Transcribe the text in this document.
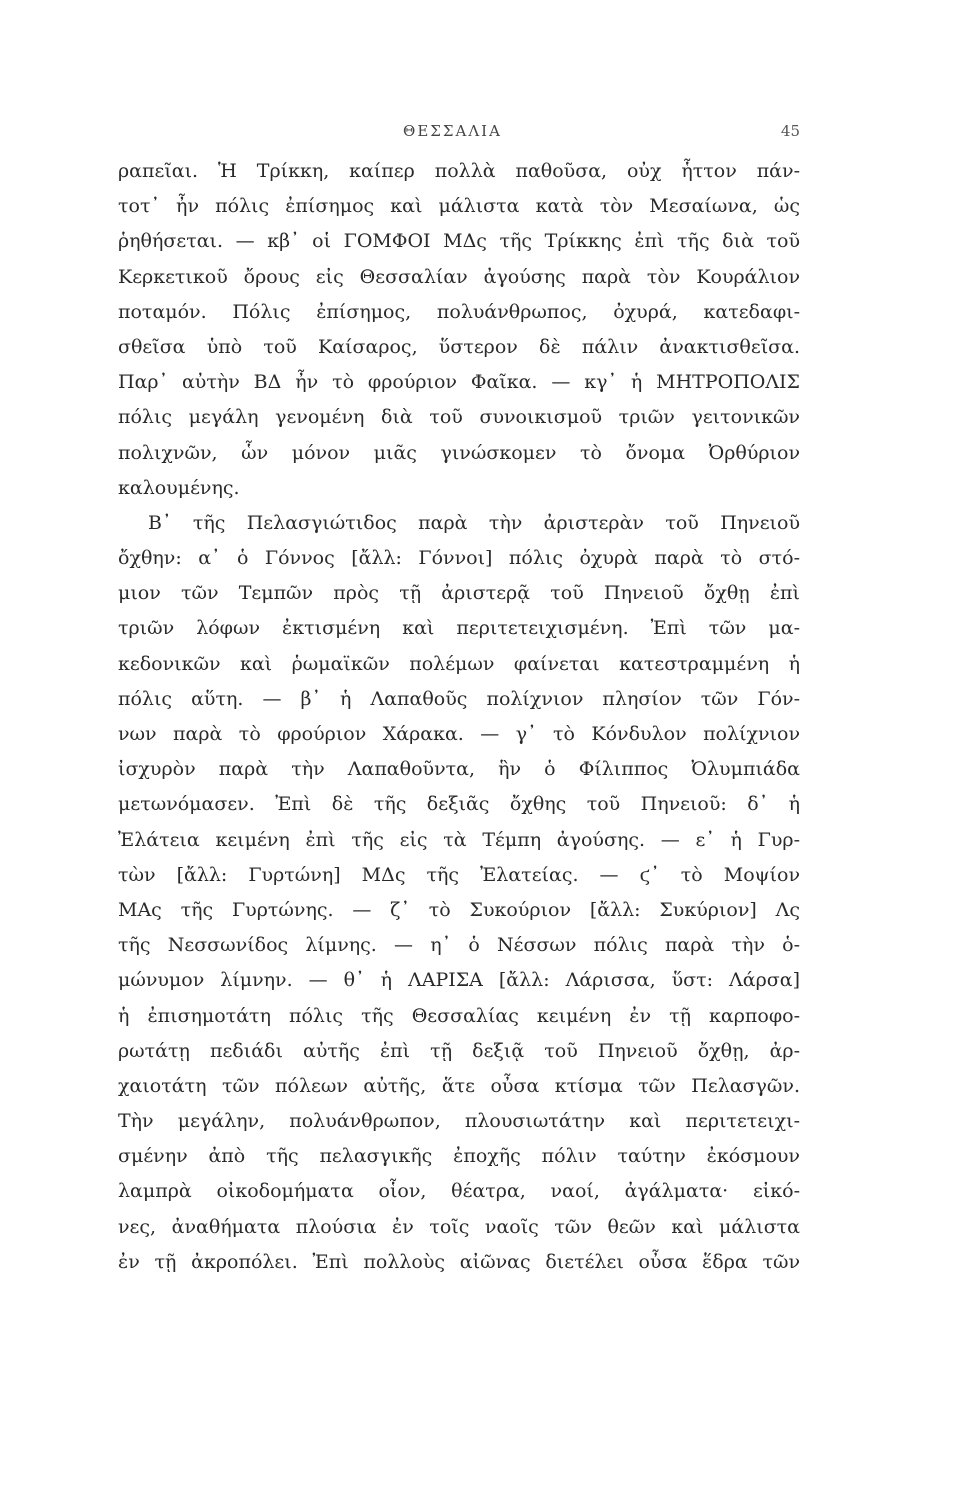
ΘΕΣΣΑΛΙΑ	45
ραπεῖαι. Ἡ Τρίκκη, καίπερ πολλὰ παθοῦσα, οὐχ ἧττον πάν-
τοτ᾽ ἦν πόλις ἐπίσημος καὶ μάλιστα κατὰ τὸν Μεσαίωνα, ὡς
ῥηθήσεται. — κβ᾽ οἱ ΓΟΜΦΟΙ ΜΔς τῆς Τρίκκης ἐπὶ τῆς διὰ τοῦ
Κερκετικοῦ ὄρους εἰς Θεσσαλίαν ἀγούσης παρὰ τὸν Κουράλιον
ποταμόν. Πόλις ἐπίσημος, πολυάνθρωπος, ὀχυρά, κατεδαφι-
σθεῖσα ὑπὸ τοῦ Καίσαρος, ὕστερον δὲ πάλιν ἀνακτισθεῖσα.
Παρ᾽ αὐτὴν ΒΔ ἦν τὸ φρούριον Φαῖκα. — κγ᾽ ἡ ΜΗΤΡΟΠΟΛΙΣ
πόλις μεγάλη γενομένη διὰ τοῦ συνοικισμοῦ τριῶν γειτονικῶν
πολιχνῶν, ὧν μόνον μιᾶς γινώσκομεν τὸ ὄνομα Ὀρθύριον
καλουμένης.
Β᾽ τῆς Πελασγιώτιδος παρὰ τὴν ἀριστερὰν τοῦ Πηνειοῦ
ὄχθην: α᾽ ὁ Γόννος [ἄλλ: Γόννοι] πόλις ὀχυρὰ παρὰ τὸ στό-
μιον τῶν Τεμπῶν πρὸς τῇ ἀριστερᾷ τοῦ Πηνειοῦ ὄχθῃ ἐπὶ
τριῶν λόφων ἐκτισμένη καὶ περιτετειχισμένη. Ἐπὶ τῶν μα-
κεδονικῶν καὶ ῥωμαϊκῶν πολέμων φαίνεται κατεστραμμένη ἡ
πόλις αὕτη. — β᾽ ἡ Λαπαθοῦς πολίχνιον πλησίον τῶν Γόν-
νων παρὰ τὸ φρούριον Χάρακα. — γ᾽ τὸ Κόνδυλον πολίχνιον
ἰσχυρὸν παρὰ τὴν Λαπαθοῦντα, ἣν ὁ Φίλιππος Ὀλυμπιάδα
μετωνόμασεν. Ἐπὶ δὲ τῆς δεξιᾶς ὄχθης τοῦ Πηνειοῦ: δ᾽ ἡ
Ἐλάτεια κειμένη ἐπὶ τῆς εἰς τὰ Τέμπη ἀγούσης. — ε᾽ ἡ Γυρ-
τὼν [ἄλλ: Γυρτώνη] ΜΔς τῆς Ἐλατείας. — ϛ᾽ τὸ Μοψίον
ΜΑς τῆς Γυρτώνης. — ζ᾽ τὸ Συκούριον [ἄλλ: Συκύριον] Λς
τῆς Νεσσωνίδος λίμνης. — η᾽ ὁ Νέσσων πόλις παρὰ τὴν ὁ-
μώνυμον λίμνην. — θ᾽ ἡ ΛΑΡΙΣΑ [ἄλλ: Λάρισσα, ὕστ: Λάρσα]
ἡ ἐπισημοτάτη πόλις τῆς Θεσσαλίας κειμένη ἐν τῇ καρποφο-
ρωτάτῃ πεδιάδι αὐτῆς ἐπὶ τῇ δεξιᾷ τοῦ Πηνειοῦ ὄχθῃ, ἀρ-
χαιοτάτη τῶν πόλεων αὐτῆς, ἅτε οὖσα κτίσμα τῶν Πελασγῶν.
Τὴν μεγάλην, πολυάνθρωπον, πλουσιωτάτην καὶ περιτετειχι-
σμένην ἀπὸ τῆς πελασγικῆς ἐποχῆς πόλιν ταύτην ἐκόσμουν
λαμπρὰ οἰκοδομήματα οἷον, θέατρα, ναοί, ἀγάλματα· εἰκό-
νες, ἀναθήματα πλούσια ἐν τοῖς ναοῖς τῶν θεῶν καὶ μάλιστα
ἐν τῇ ἀκροπόλει. Ἐπὶ πολλοὺς αἰῶνας διετέλει οὖσα ἕδρα τῶν
